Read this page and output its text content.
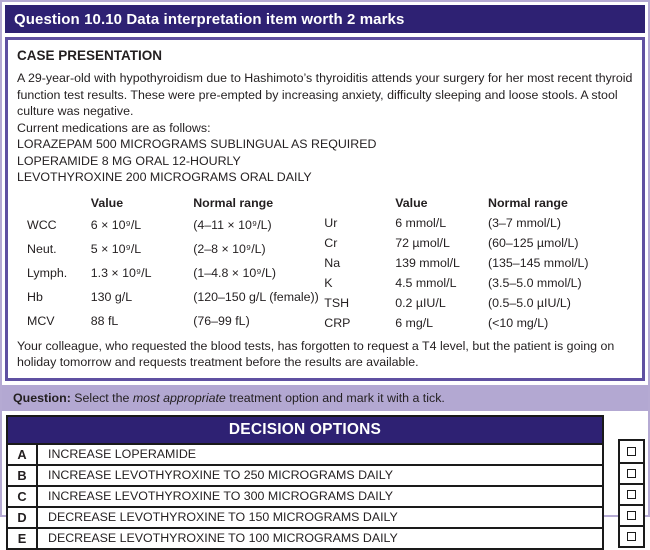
Question 10.10 Data interpretation item worth 2 marks
CASE PRESENTATION

A 29-year-old with hypothyroidism due to Hashimoto’s thyroiditis attends your surgery for her most recent thyroid function test results. These were pre-empted by increasing anxiety, difficulty sleeping and loose stools. A stool culture was negative.

Current medications are as follows:

LORAZEPAM 500 MICROGRAMS SUBLINGUAL AS REQUIRED
LOPERAMIDE 8 MG ORAL 12-HOURLY
LEVOTHYROXINE 200 MICROGRAMS ORAL DAILY
	Value	Normal range
WCC	6 × 10⁹/L	(4–11 × 10⁹/L)
Neut.	5 × 10⁹/L	(2–8 × 10⁹/L)
Lymph.	1.3 × 10⁹/L	(1–4.8 × 10⁹/L)
Hb	130 g/L	(120–150 g/L (female))
MCV	88 fL	(76–99 fL)
	Value	Normal range
Ur	6 mmol/L	(3–7 mmol/L)
Cr	72 µmol/L	(60–125 µmol/L)
Na	139 mmol/L	(135–145 mmol/L)
K	4.5 mmol/L	(3.5–5.0 mmol/L)
TSH	0.2 µIU/L	(0.5–5.0 µIU/L)
CRP	6 mg/L	(<10 mg/L)

Your colleague, who requested the blood tests, has forgotten to request a T4 level, but the patient is going on holiday tomorrow and requests treatment before the results are available.

Question: Select the most appropriate treatment option and mark it with a tick.
DECISION OPTIONS
A	INCREASE LOPERAMIDE
B	INCREASE LEVOTHYROXINE TO 250 MICROGRAMS DAILY
C	INCREASE LEVOTHYROXINE TO 300 MICROGRAMS DAILY
D	DECREASE LEVOTHYROXINE TO 150 MICROGRAMS DAILY
E	DECREASE LEVOTHYROXINE TO 100 MICROGRAMS DAILY
